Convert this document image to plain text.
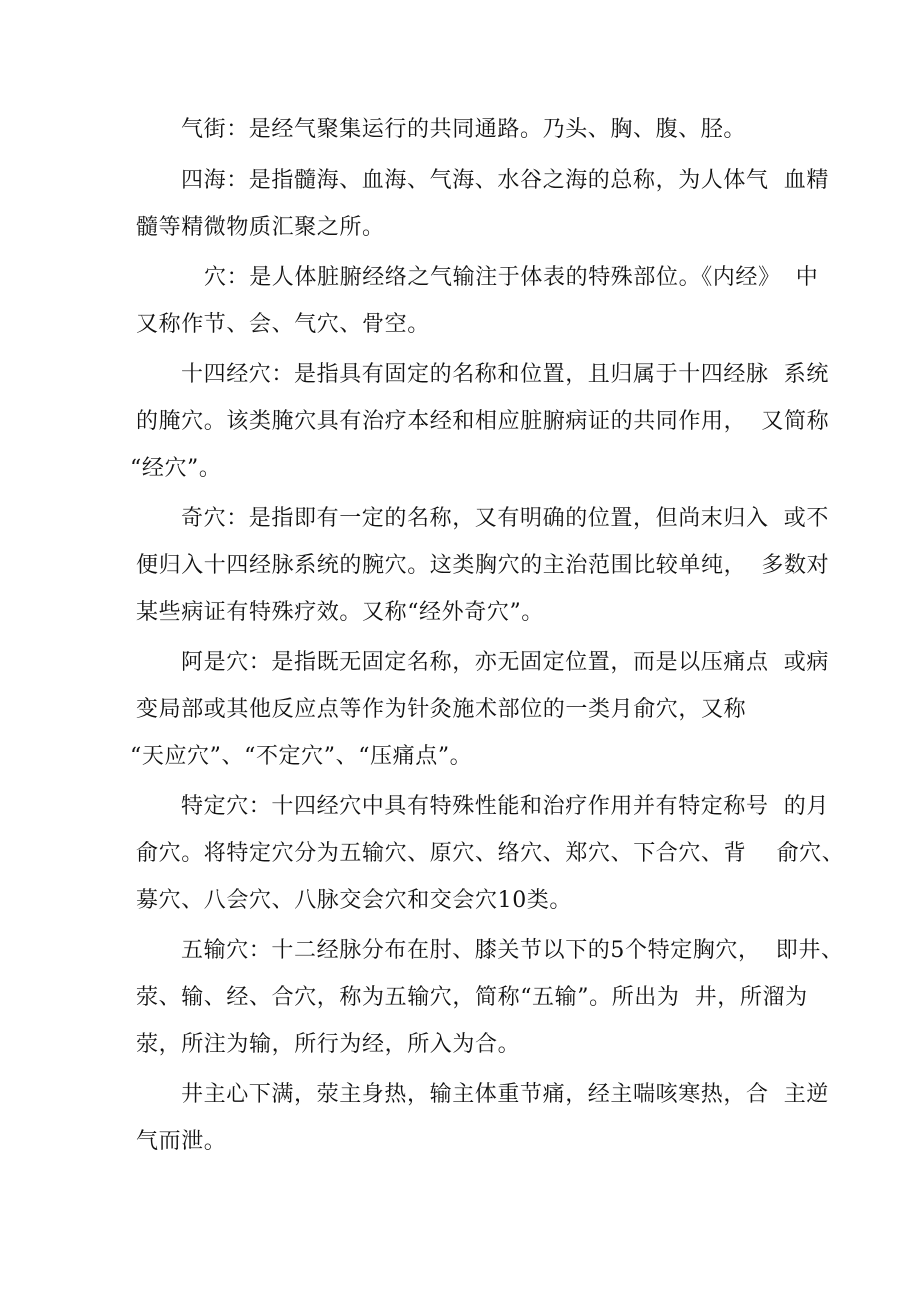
气街：是经气聚集运行的共同通路。乃头、胸、腹、胫。
四海：是指髓海、血海、气海、水谷之海的总称，为人体气  血精
髓等精微物质汇聚之所。
穴：是人体脏腑经络之气输注于体表的特殊部位。《内经》  中
又称作节、会、气穴、骨空。
十四经穴：是指具有固定的名称和位置，且归属于十四经脉  系统
的腌穴。该类腌穴具有治疗本经和相应脏腑病证的共同作用，  又简称
“经穴”。
奇穴：是指即有一定的名称，又有明确的位置，但尚末归入  或不
便归入十四经脉系统的腕穴。这类胸穴的主治范围比较单纯，  多数对
某些病证有特殊疗效。又称“经外奇穴”。
阿是穴：是指既无固定名称，亦无固定位置，而是以压痛点  或病
变局部或其他反应点等作为针灸施术部位的一类月俞穴，又称
“天应穴”、“不定穴”、“压痛点”。
特定穴：十四经穴中具有特殊性能和治疗作用并有特定称号  的月
俞穴。将特定穴分为五输穴、原穴、络穴、郑穴、下合穴、背    俞穴、
募穴、八会穴、八脉交会穴和交会穴10类。
五输穴：十二经脉分布在肘、膝关节以下的5个特定胸穴，  即井、
荥、输、经、合穴，称为五输穴，简称“五输”。所出为  井，所溜为
荥，所注为输，所行为经，所入为合。
井主心下满，荥主身热，输主体重节痛，经主喘咳寒热，合  主逆
气而泄。
